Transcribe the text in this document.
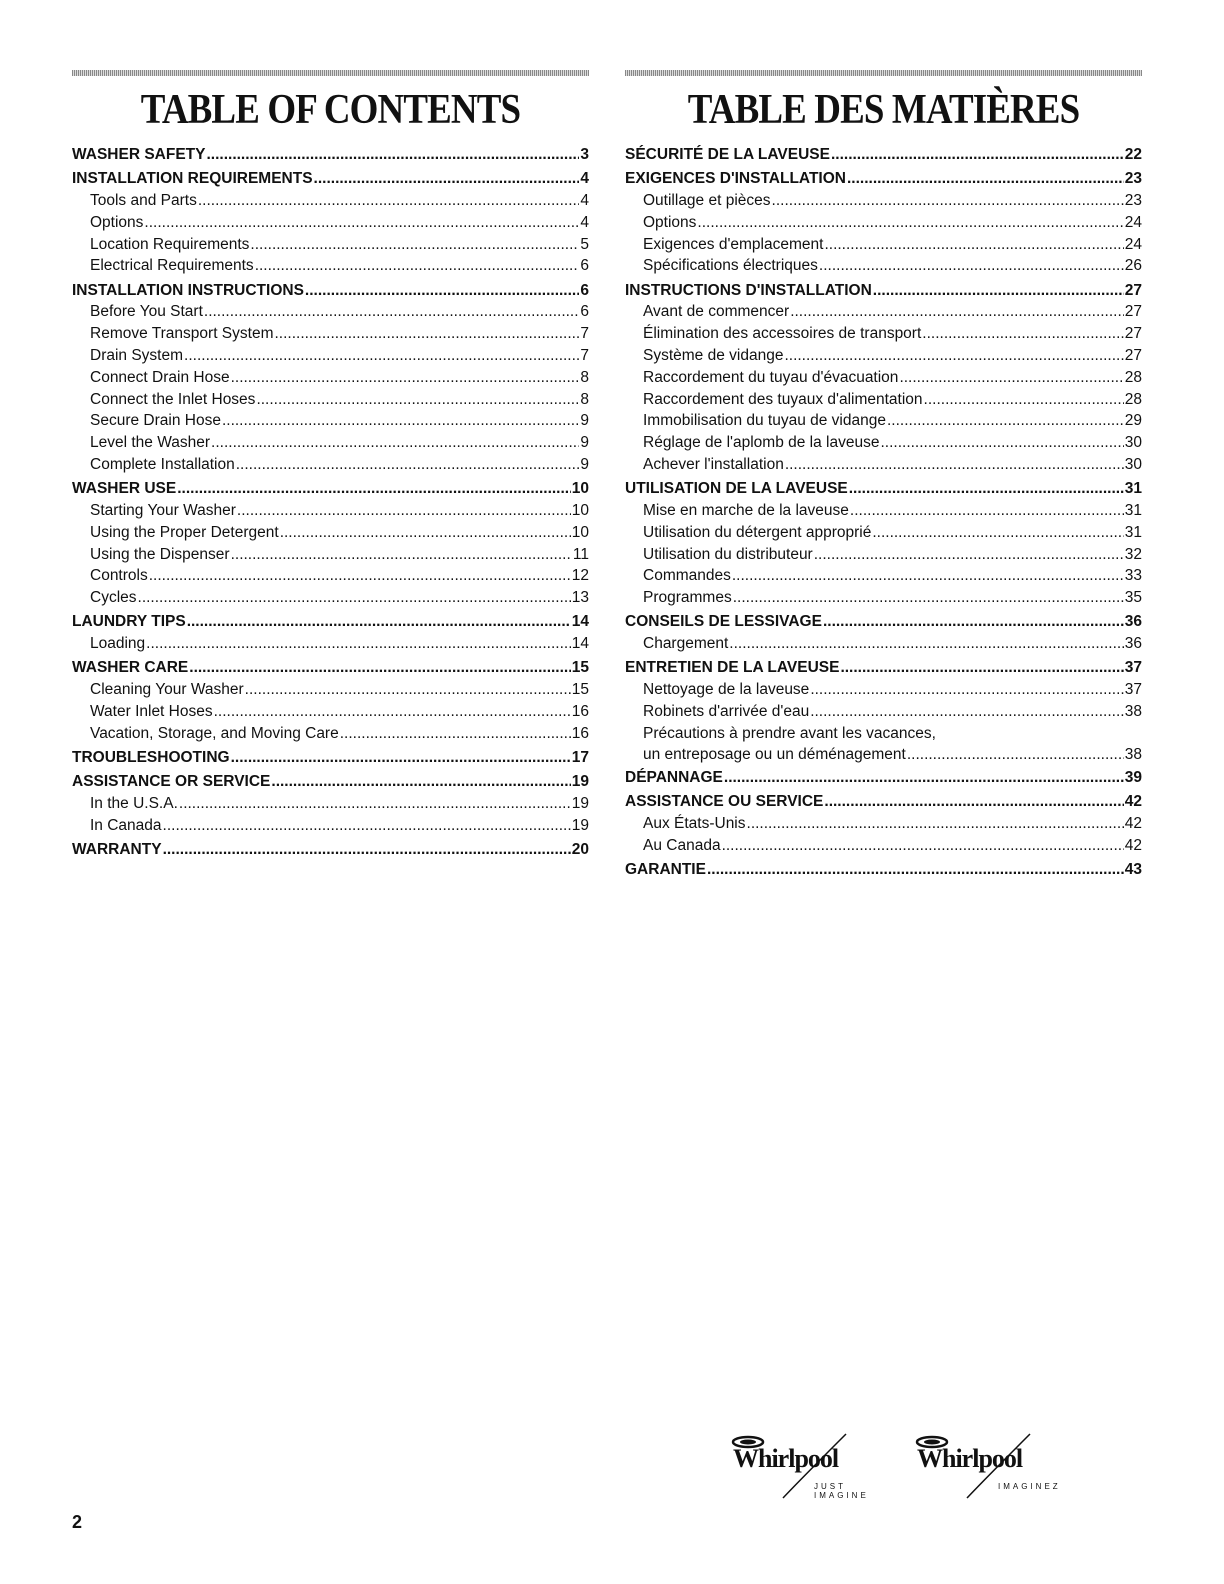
TABLE OF CONTENTS
WASHER SAFETY .....	3
INSTALLATION REQUIREMENTS .....	4
Tools and Parts .....	4
Options .....	4
Location Requirements .....	5
Electrical Requirements .....	6
INSTALLATION INSTRUCTIONS .....	6
Before You Start .....	6
Remove Transport System .....	7
Drain System .....	7
Connect Drain Hose .....	8
Connect the Inlet Hoses .....	8
Secure Drain Hose .....	9
Level the Washer .....	9
Complete Installation .....	9
WASHER USE .....	10
Starting Your Washer .....	10
Using the Proper Detergent .....	10
Using the Dispenser .....	11
Controls .....	12
Cycles .....	13
LAUNDRY TIPS .....	14
Loading .....	14
WASHER CARE .....	15
Cleaning Your Washer .....	15
Water Inlet Hoses .....	16
Vacation, Storage, and Moving Care .....	16
TROUBLESHOOTING .....	17
ASSISTANCE OR SERVICE .....	19
In the U.S.A. .....	19
In Canada .....	19
WARRANTY .....	20
TABLE DES MATIÈRES
SÉCURITÉ DE LA LAVEUSE .....	22
EXIGENCES D'INSTALLATION .....	23
Outillage et pièces .....	23
Options .....	24
Exigences d'emplacement .....	24
Spécifications électriques .....	26
INSTRUCTIONS D'INSTALLATION .....	27
Avant de commencer .....	27
Élimination des accessoires de transport .....	27
Système de vidange .....	27
Raccordement du tuyau d'évacuation .....	28
Raccordement des tuyaux d'alimentation .....	28
Immobilisation du tuyau de vidange .....	29
Réglage de l'aplomb de la laveuse .....	30
Achever l'installation .....	30
UTILISATION DE LA LAVEUSE .....	31
Mise en marche de la laveuse .....	31
Utilisation du détergent approprié .....	31
Utilisation du distributeur .....	32
Commandes .....	33
Programmes .....	35
CONSEILS DE LESSIVAGE .....	36
Chargement .....	36
ENTRETIEN DE LA LAVEUSE .....	37
Nettoyage de la laveuse .....	37
Robinets d'arrivée d'eau .....	38
Précautions à prendre avant les vacances,
un entreposage ou un déménagement .....	38
DÉPANNAGE .....	39
ASSISTANCE OU SERVICE .....	42
Aux États-Unis .....	42
Au Canada .....	42
GARANTIE .....	43
Whirlpool
JUST IMAGINE
Whirlpool
IMAGINEZ
2
